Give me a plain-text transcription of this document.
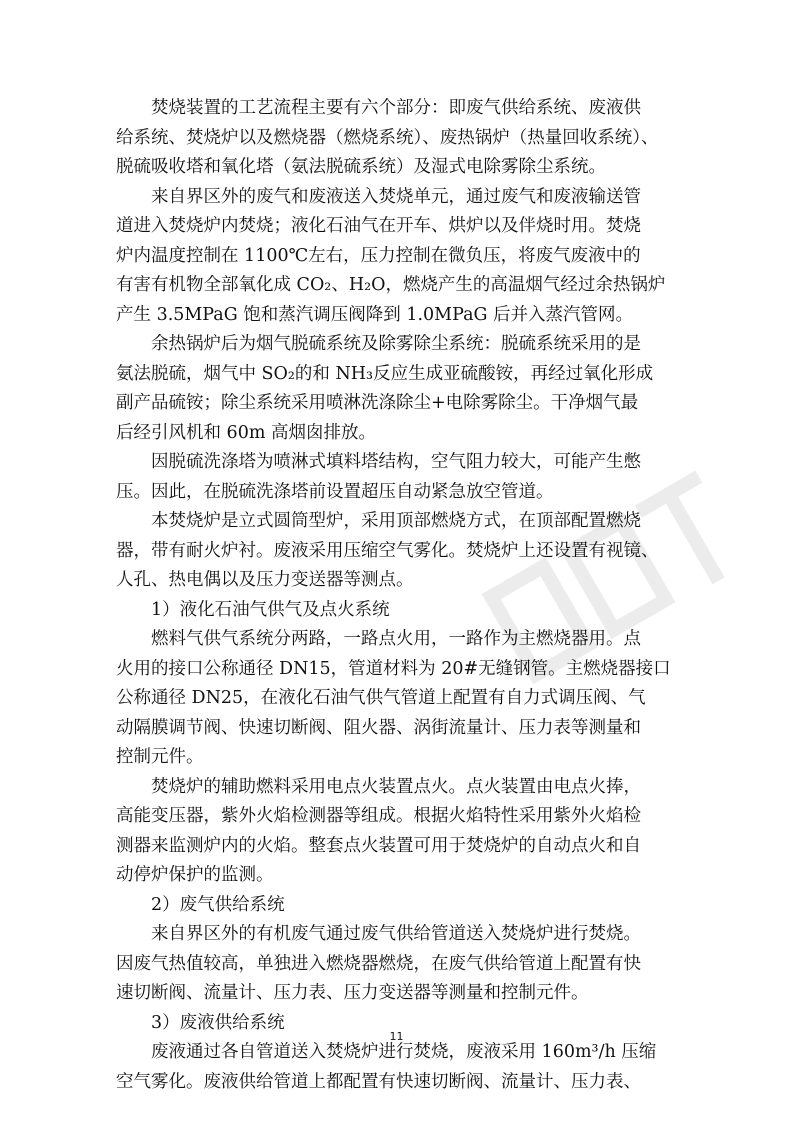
焚烧装置的工艺流程主要有六个部分：即废气供给系统、废液供
给系统、焚烧炉以及燃烧器（燃烧系统）、废热锅炉（热量回收系统）、
脱硫吸收塔和氧化塔（氨法脱硫系统）及湿式电除雾除尘系统。
来自界区外的废气和废液送入焚烧单元，通过废气和废液输送管
道进入焚烧炉内焚烧；液化石油气在开车、烘炉以及伴烧时用。焚烧
炉内温度控制在 1100℃左右，压力控制在微负压，将废气废液中的
有害有机物全部氧化成 CO₂、H₂O，燃烧产生的高温烟气经过余热锅炉
产生 3.5MPaG 饱和蒸汽调压阀降到 1.0MPaG 后并入蒸汽管网。
余热锅炉后为烟气脱硫系统及除雾除尘系统：脱硫系统采用的是
氨法脱硫，烟气中 SO₂的和 NH₃反应生成亚硫酸铵，再经过氧化形成
副产品硫铵；除尘系统采用喷淋洗涤除尘+电除雾除尘。干净烟气最
后经引风机和 60m 高烟囱排放。
因脱硫洗涤塔为喷淋式填料塔结构，空气阻力较大，可能产生憋
压。因此，在脱硫洗涤塔前设置超压自动紧急放空管道。
本焚烧炉是立式圆筒型炉，采用顶部燃烧方式，在顶部配置燃烧
器，带有耐火炉衬。废液采用压缩空气雾化。焚烧炉上还设置有视镜、
人孔、热电偶以及压力变送器等测点。
1）液化石油气供气及点火系统
燃料气供气系统分两路，一路点火用，一路作为主燃烧器用。点
火用的接口公称通径 DN15，管道材料为 20#无缝钢管。主燃烧器接口
公称通径 DN25，在液化石油气供气管道上配置有自力式调压阀、气
动隔膜调节阀、快速切断阀、阻火器、涡街流量计、压力表等测量和
控制元件。
焚烧炉的辅助燃料采用电点火装置点火。点火装置由电点火捧，
高能变压器，紫外火焰检测器等组成。根据火焰特性采用紫外火焰检
测器来监测炉内的火焰。整套点火装置可用于焚烧炉的自动点火和自
动停炉保护的监测。
2）废气供给系统
来自界区外的有机废气通过废气供给管道送入焚烧炉进行焚烧。
因废气热值较高，单独进入燃烧器燃烧，在废气供给管道上配置有快
速切断阀、流量计、压力表、压力变送器等测量和控制元件。
3）废液供给系统
废液通过各自管道送入焚烧炉进行焚烧，废液采用 160m³/h 压缩
空气雾化。废液供给管道上都配置有快速切断阀、流量计、压力表、
11
